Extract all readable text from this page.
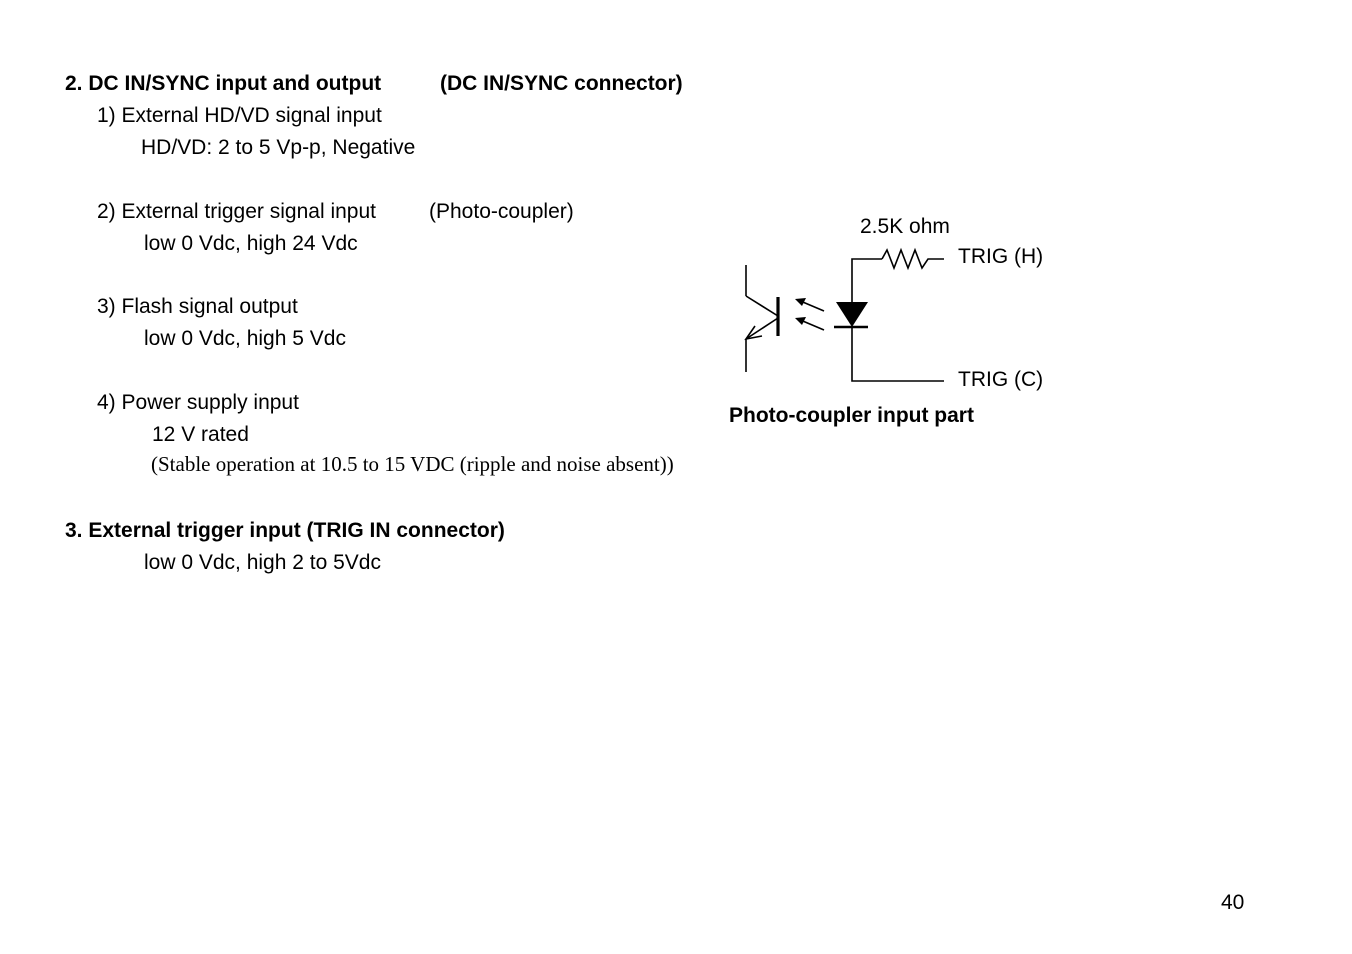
2. DC IN/SYNC input and output	(DC IN/SYNC connector)
1) External HD/VD signal input
HD/VD: 2 to 5 Vp-p, Negative
2) External trigger signal input	(Photo-coupler)
low 0 Vdc, high 24 Vdc
3) Flash signal output
low 0 Vdc, high 5 Vdc
4) Power supply input
12 V rated
(Stable operation at 10.5 to 15 VDC (ripple and noise absent))
2.5K ohm
TRIG (H)
TRIG (C)
Photo-coupler input part
3. External trigger input (TRIG IN connector)
low 0 Vdc, high 2 to 5Vdc
40
